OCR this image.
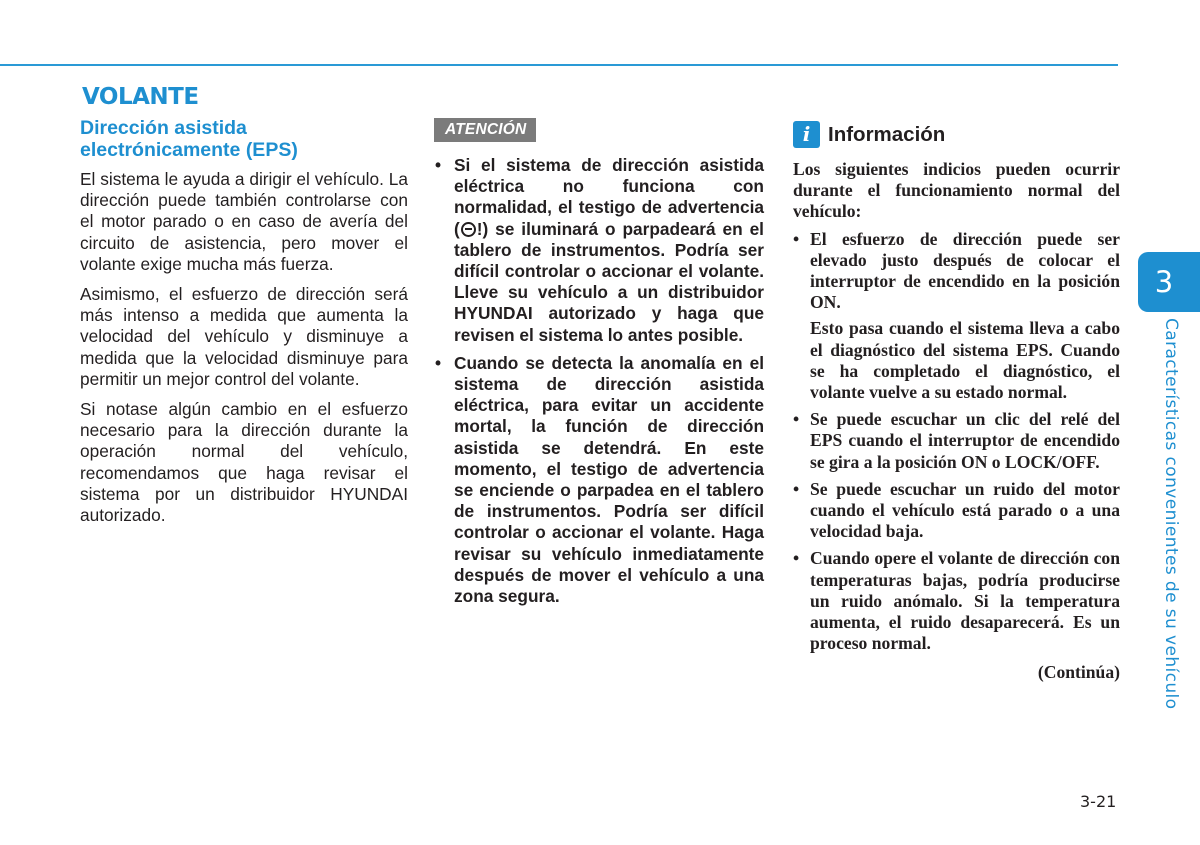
VOLANTE
Dirección asistida electrónicamente (EPS)

El sistema le ayuda a dirigir el vehículo. La dirección puede también controlarse con el motor parado o en caso de avería del circuito de asistencia, pero mover el volante exige mucha más fuerza.

Asimismo, el esfuerzo de dirección será más intenso a medida que aumenta la velocidad del vehículo y disminuye a medida que la velocidad disminuye para permitir un mejor control del volante.

Si notase algún cambio en el esfuerzo necesario para la dirección durante la operación normal del vehículo, recomendamos que haga revisar el sistema por un distribuidor HYUNDAI autorizado.

ATENCIÓN
• Si el sistema de dirección asistida eléctrica no funciona con normalidad, el testigo de advertencia ( !) se iluminará o parpadeará en el tablero de instrumentos. Podría ser difícil controlar o accionar el volante. Lleve su vehículo a un distribuidor HYUNDAI autorizado y haga que revisen el sistema lo antes posible.
• Cuando se detecta la anomalía en el sistema de dirección asistida eléctrica, para evitar un accidente mortal, la función de dirección asistida se detendrá. En este momento, el testigo de advertencia se enciende o parpadea en el tablero de instrumentos. Podría ser difícil controlar o accionar el volante. Haga revisar su vehículo inmediatamente después de mover el vehículo a una zona segura.
i Información

Los siguientes indicios pueden ocurrir durante el funcionamiento normal del vehículo:

• El esfuerzo de dirección puede ser elevado justo después de colocar el interruptor de encendido en la posición ON.

Esto pasa cuando el sistema lleva a cabo el diagnóstico del sistema EPS. Cuando se ha completado el diagnóstico, el volante vuelve a su estado normal.

• Se puede escuchar un clic del relé del EPS cuando el interruptor de encendido se gira a la posición ON o LOCK/OFF.
• Se puede escuchar un ruido del motor cuando el vehículo está parado o a una velocidad baja.
• Cuando opere el volante de dirección con temperaturas bajas, podría producirse un ruido anómalo. Si la temperatura aumenta, el ruido desaparecerá. Es un proceso normal.
(Continúa)
3
Características convenientes de su vehículo
3-21
